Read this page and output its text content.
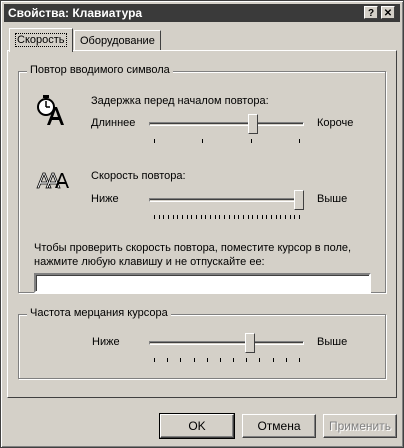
Свойства: Клавиатура	? ✕
Скорость	Оборудование
Повтор вводимого символа
Задержка перед началом повтора:
Длиннее	Короче
Скорость повтора:
Ниже	Выше
Чтобы проверить скорость повтора, поместите курсор в поле, нажмите любую клавишу и не отпускайте ее:
Частота мерцания курсора
Ниже	Выше
OK	Отмена	Применить
